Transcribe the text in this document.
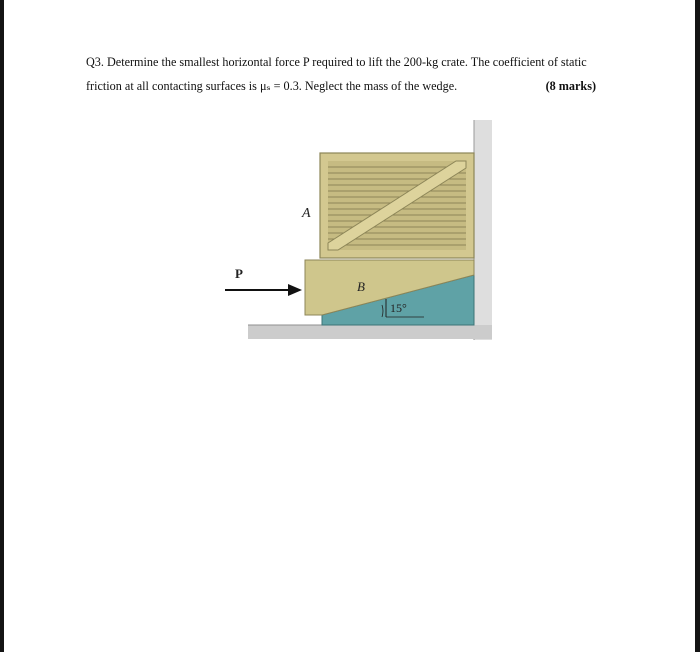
Q3. Determine the smallest horizontal force P required to lift the 200-kg crate. The coefficient of static
friction at all contacting surfaces is μₛ = 0.3. Neglect the mass of the wedge.	(8 marks)
15°
P
A
B
